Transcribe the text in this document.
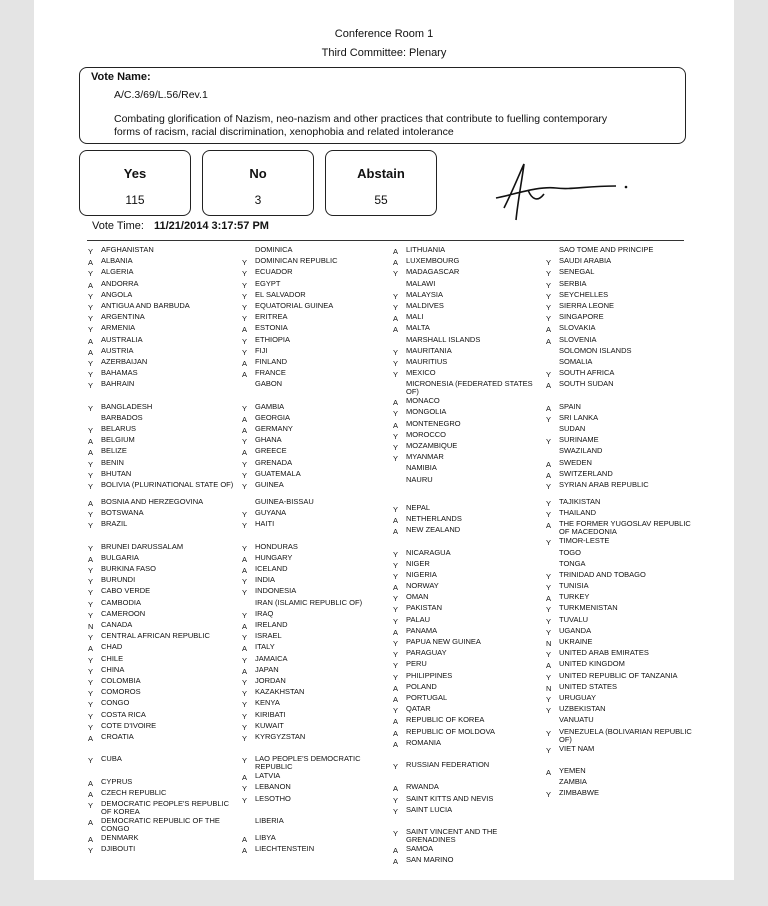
Conference Room 1
Third Committee: Plenary
Vote Name:
A/C.3/69/L.56/Rev.1
Combating glorification of Nazism, neo-nazism and other practices that contribute to fuelling contemporary forms of racism, racial discrimination, xenophobia and related intolerance
Yes
115
No
3
Abstain
55
Vote Time: 11/21/2014 3:17:57 PM
Y	AFGHANISTAN
A	ALBANIA
Y	ALGERIA
A	ANDORRA
Y	ANGOLA
Y	ANTIGUA AND BARBUDA
Y	ARGENTINA
Y	ARMENIA
A	AUSTRALIA
A	AUSTRIA
Y	AZERBAIJAN
Y	BAHAMAS
Y	BAHRAIN
Y	BANGLADESH
BARBADOS
Y	BELARUS
A	BELGIUM
A	BELIZE
Y	BENIN
Y	BHUTAN
Y	BOLIVIA (PLURINATIONAL STATE OF)
A	BOSNIA AND HERZEGOVINA
Y	BOTSWANA
Y	BRAZIL
Y	BRUNEI DARUSSALAM
A	BULGARIA
Y	BURKINA FASO
Y	BURUNDI
Y	CABO VERDE
Y	CAMBODIA
Y	CAMEROON
N	CANADA
Y	CENTRAL AFRICAN REPUBLIC
A	CHAD
Y	CHILE
Y	CHINA
Y	COLOMBIA
Y	COMOROS
Y	CONGO
Y	COSTA RICA
Y	COTE D'IVOIRE
A	CROATIA
Y	CUBA
A	CYPRUS
A	CZECH REPUBLIC
Y	DEMOCRATIC PEOPLE'S REPUBLIC OF KOREA
A	DEMOCRATIC REPUBLIC OF THE CONGO
A	DENMARK
Y	DJIBOUTI
DOMINICA
Y	DOMINICAN REPUBLIC
Y	ECUADOR
Y	EGYPT
Y	EL SALVADOR
Y	EQUATORIAL GUINEA
Y	ERITREA
A	ESTONIA
Y	ETHIOPIA
Y	FIJI
A	FINLAND
A	FRANCE
GABON
Y	GAMBIA
A	GEORGIA
A	GERMANY
Y	GHANA
A	GREECE
Y	GRENADA
Y	GUATEMALA
Y	GUINEA
GUINEA-BISSAU
Y	GUYANA
Y	HAITI
Y	HONDURAS
A	HUNGARY
A	ICELAND
Y	INDIA
Y	INDONESIA
IRAN (ISLAMIC REPUBLIC OF)
Y	IRAQ
A	IRELAND
Y	ISRAEL
A	ITALY
Y	JAMAICA
A	JAPAN
Y	JORDAN
Y	KAZAKHSTAN
Y	KENYA
Y	KIRIBATI
Y	KUWAIT
Y	KYRGYZSTAN
Y	LAO PEOPLE'S DEMOCRATIC REPUBLIC
A	LATVIA
Y	LEBANON
Y	LESOTHO
LIBERIA
A	LIBYA
A	LIECHTENSTEIN
A	LITHUANIA
A	LUXEMBOURG
Y	MADAGASCAR
MALAWI
Y	MALAYSIA
Y	MALDIVES
A	MALI
A	MALTA
MARSHALL ISLANDS
Y	MAURITANIA
Y	MAURITIUS
Y	MEXICO
MICRONESIA (FEDERATED STATES OF)
A	MONACO
Y	MONGOLIA
A	MONTENEGRO
Y	MOROCCO
Y	MOZAMBIQUE
Y	MYANMAR
NAMIBIA
NAURU
Y	NEPAL
A	NETHERLANDS
A	NEW ZEALAND
Y	NICARAGUA
Y	NIGER
Y	NIGERIA
A	NORWAY
Y	OMAN
Y	PAKISTAN
Y	PALAU
A	PANAMA
Y	PAPUA NEW GUINEA
Y	PARAGUAY
Y	PERU
Y	PHILIPPINES
A	POLAND
A	PORTUGAL
Y	QATAR
A	REPUBLIC OF KOREA
A	REPUBLIC OF MOLDOVA
A	ROMANIA
Y	RUSSIAN FEDERATION
A	RWANDA
Y	SAINT KITTS AND NEVIS
Y	SAINT LUCIA
Y	SAINT VINCENT AND THE GRENADINES
A	SAMOA
A	SAN MARINO
SAO TOME AND PRINCIPE
Y	SAUDI ARABIA
Y	SENEGAL
Y	SERBIA
Y	SEYCHELLES
Y	SIERRA LEONE
Y	SINGAPORE
A	SLOVAKIA
A	SLOVENIA
SOLOMON ISLANDS
SOMALIA
Y	SOUTH AFRICA
A	SOUTH SUDAN
A	SPAIN
Y	SRI LANKA
SUDAN
Y	SURINAME
SWAZILAND
A	SWEDEN
A	SWITZERLAND
Y	SYRIAN ARAB REPUBLIC
Y	TAJIKISTAN
Y	THAILAND
A	THE FORMER YUGOSLAV REPUBLIC OF MACEDONIA
Y	TIMOR-LESTE
TOGO
TONGA
Y	TRINIDAD AND TOBAGO
Y	TUNISIA
A	TURKEY
Y	TURKMENISTAN
Y	TUVALU
Y	UGANDA
N	UKRAINE
Y	UNITED ARAB EMIRATES
A	UNITED KINGDOM
Y	UNITED REPUBLIC OF TANZANIA
N	UNITED STATES
Y	URUGUAY
Y	UZBEKISTAN
VANUATU
Y	VENEZUELA (BOLIVARIAN REPUBLIC OF)
Y	VIET NAM
A	YEMEN
ZAMBIA
Y	ZIMBABWE
